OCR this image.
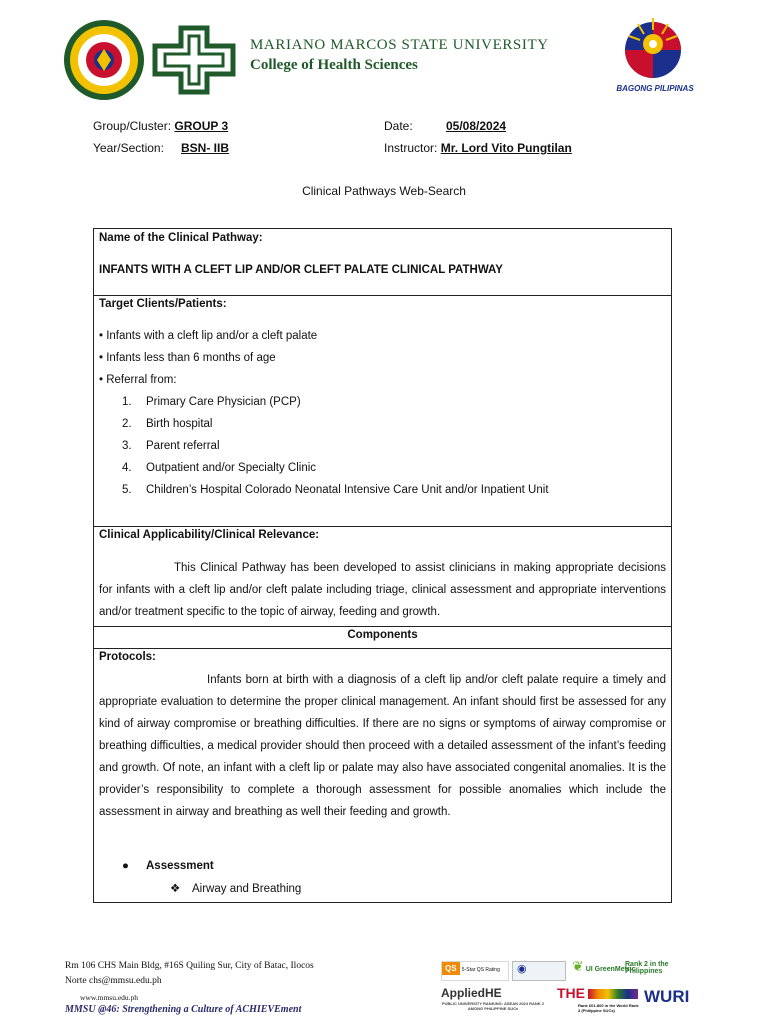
MARIANO MARCOS STATE UNIVERSITY
College of Health Sciences
BAGONG PILIPINAS
Group/Cluster: GROUP 3	Date:	05/08/2024
Year/Section: BSN- IIB	Instructor: Mr. Lord Vito Pungtilan
Clinical Pathways Web-Search
Name of the Clinical Pathway:
INFANTS WITH A CLEFT LIP AND/OR CLEFT PALATE CLINICAL PATHWAY
Target Clients/Patients:
• Infants with a cleft lip and/or a cleft palate
• Infants less than 6 months of age
• Referral from:
1. Primary Care Physician (PCP)
2. Birth hospital
3. Parent referral
4. Outpatient and/or Specialty Clinic
5. Children’s Hospital Colorado Neonatal Intensive Care Unit and/or Inpatient Unit
Clinical Applicability/Clinical Relevance:
This Clinical Pathway has been developed to assist clinicians in making appropriate decisions for infants with a cleft lip and/or cleft palate including triage, clinical assessment and appropriate interventions and/or treatment specific to the topic of airway, feeding and growth.
Components
Protocols:
Infants born at birth with a diagnosis of a cleft lip and/or cleft palate require a timely and appropriate evaluation to determine the proper clinical management. An infant should first be assessed for any kind of airway compromise or breathing difficulties. If there are no signs or symptoms of airway compromise or breathing difficulties, a medical provider should then proceed with a detailed assessment of the infant’s feeding and growth. Of note, an infant with a cleft lip or palate may also have associated congenital anomalies. It is the provider’s responsibility to complete a thorough assessment for possible anomalies which include the assessment in airway and breathing as well their feeding and growth.
● Assessment
❖ Airway and Breathing
Rm 106 CHS Main Bldg, #16S Quiling Sur, City of Batac, Ilocos
Norte chs@mmsu.edu.ph
www.mmsu.edu.ph
MMSU @46: Strengthening a Culture of ACHIEVEment
QS 5-Star QS Rating	◉	❦ UI GreenMetric
Rank 2 in the Philippines
AppliedHE
PUBLIC UNIVERSITY RANKING: ASEAN 2024 RANK 2 AMONG PHILIPPINE SUCs
THE
Rank 601-800 in the World Rank 3 (Philippine SUCs)
WURI
